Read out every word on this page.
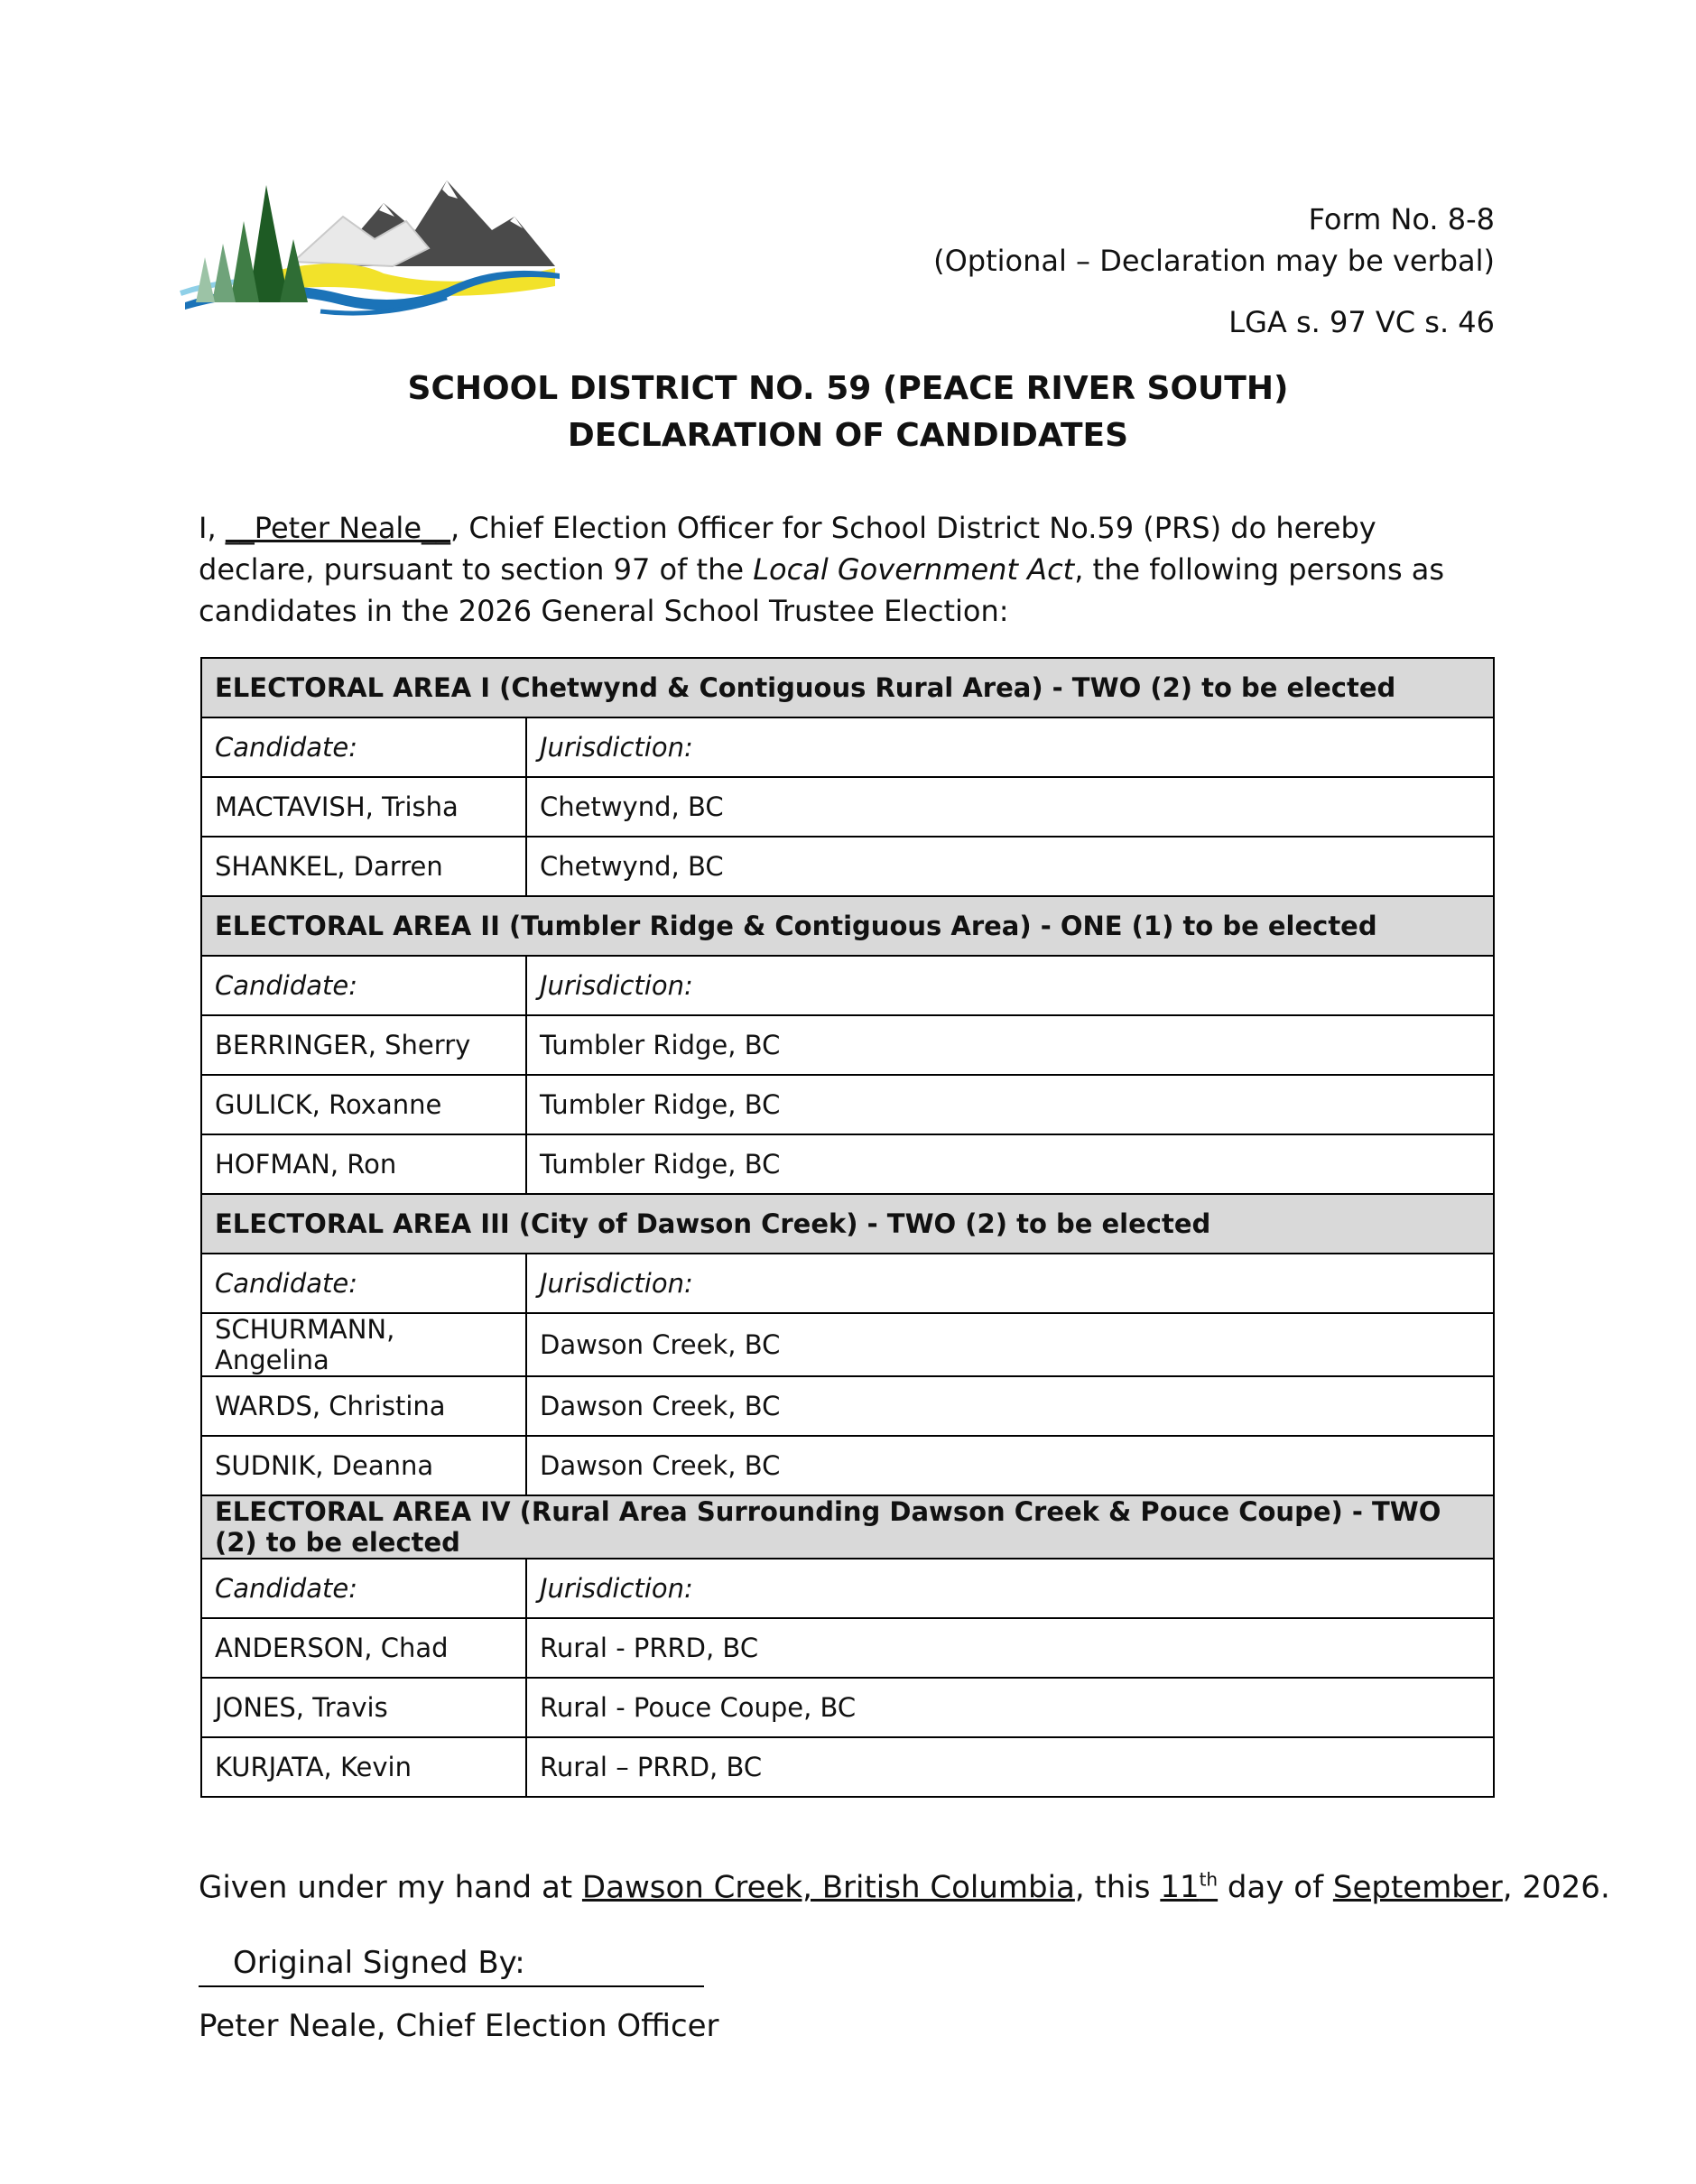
Form No. 8-8
(Optional – Declaration may be verbal)
LGA s. 97 VC s. 46
SCHOOL DISTRICT NO. 59 (PEACE RIVER SOUTH)
DECLARATION OF CANDIDATES
I, __Peter Neale__, Chief Election Officer for School District No.59 (PRS) do hereby declare, pursuant to section 97 of the Local Government Act, the following persons as candidates in the 2026 General School Trustee Election:
ELECTORAL AREA I (Chetwynd & Contiguous Rural Area) - TWO (2) to be elected	
Candidate:	Jurisdiction:
MACTAVISH, Trisha	Chetwynd, BC
SHANKEL, Darren	Chetwynd, BC
ELECTORAL AREA II (Tumbler Ridge & Contiguous Area) - ONE (1) to be elected	
Candidate:	Jurisdiction:
BERRINGER, Sherry	Tumbler Ridge, BC
GULICK, Roxanne	Tumbler Ridge, BC
HOFMAN, Ron	Tumbler Ridge, BC
ELECTORAL AREA III (City of Dawson Creek) - TWO (2) to be elected	
Candidate:	Jurisdiction:
SCHURMANN, Angelina	Dawson Creek, BC
WARDS, Christina	Dawson Creek, BC
SUDNIK, Deanna	Dawson Creek, BC
ELECTORAL AREA IV (Rural Area Surrounding Dawson Creek & Pouce Coupe) - TWO (2) to be elected	
Candidate:	Jurisdiction:
ANDERSON, Chad	Rural - PRRD, BC
JONES, Travis	Rural - Pouce Coupe, BC
KURJATA, Kevin	Rural – PRRD, BC
Given under my hand at Dawson Creek, British Columbia, this 11th day of September, 2026.
Original Signed By:
Peter Neale, Chief Election Officer
